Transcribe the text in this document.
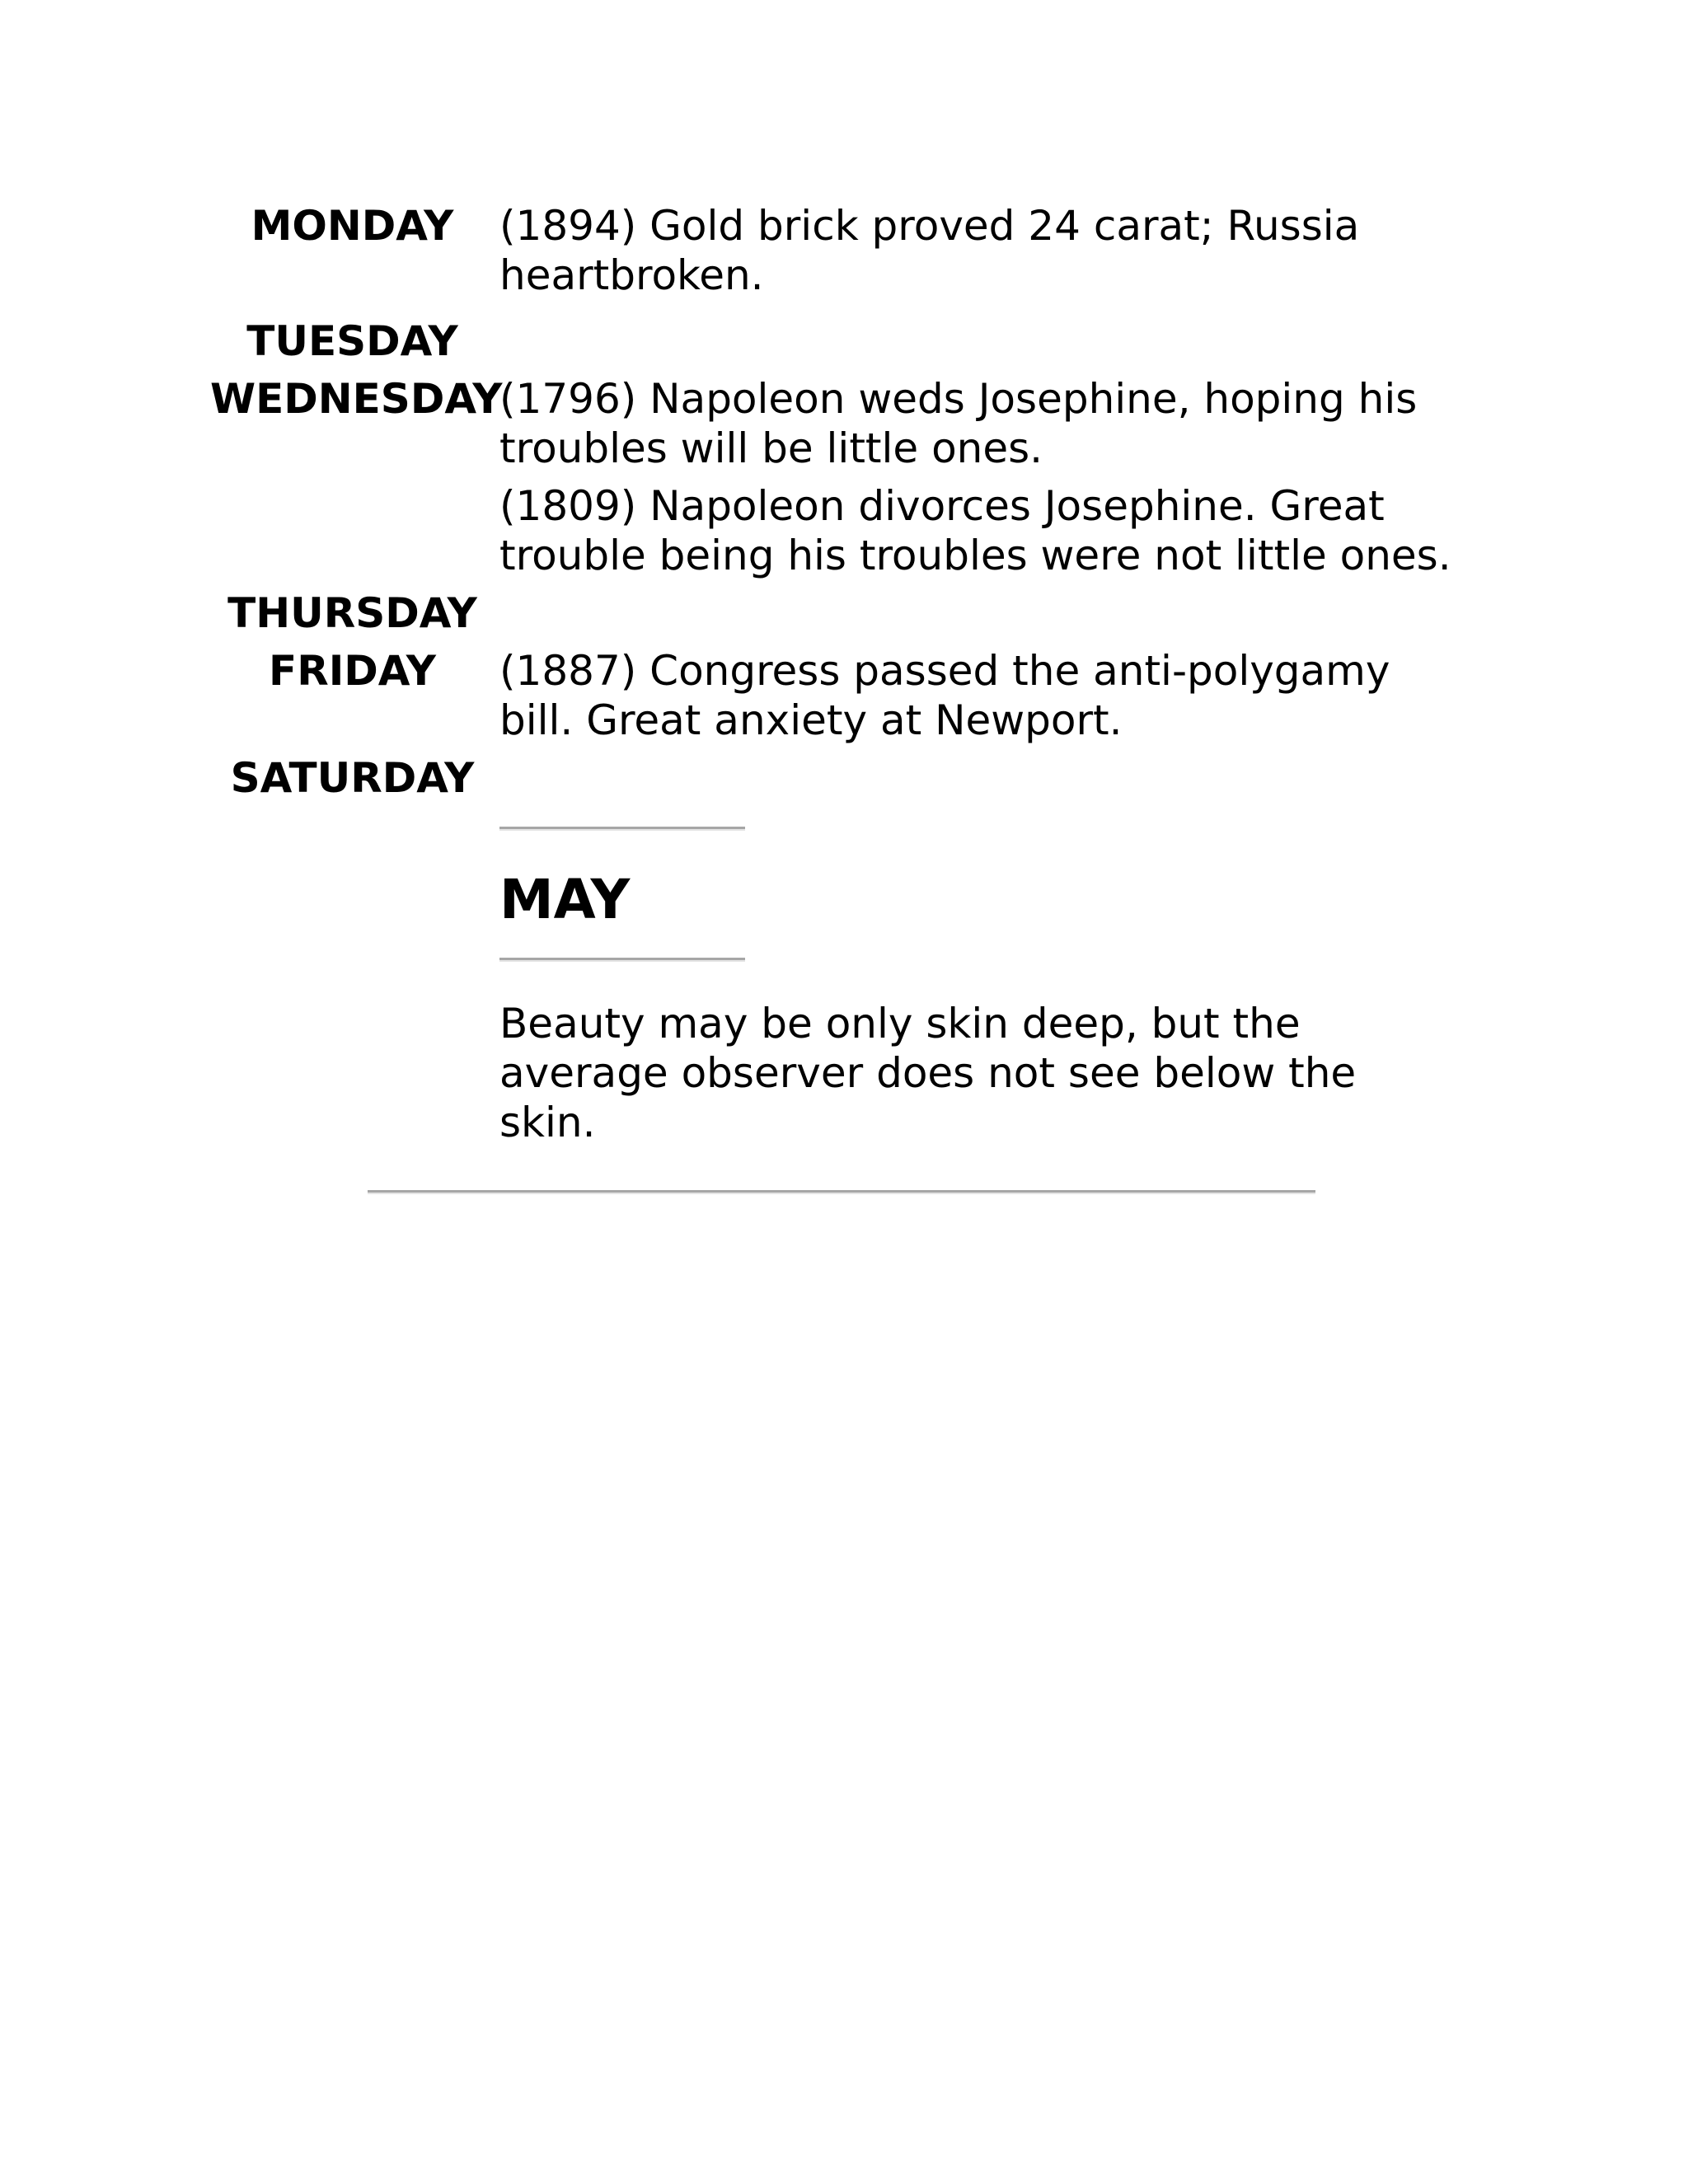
MONDAY	(1894) Gold brick proved 24 carat; Russia heartbroken.

TUESDAY
WEDNESDAY

(1796) Napoleon weds Josephine, hoping his troubles will be little ones.

(1809) Napoleon divorces Josephine. Great trouble being his troubles were not little ones.

THURSDAY
FRIDAY	(1887) Congress passed the anti-polygamy bill. Great anxiety at Newport.

SATURDAY
MAY

Beauty may be only skin deep, but the average observer does not see below the skin.
